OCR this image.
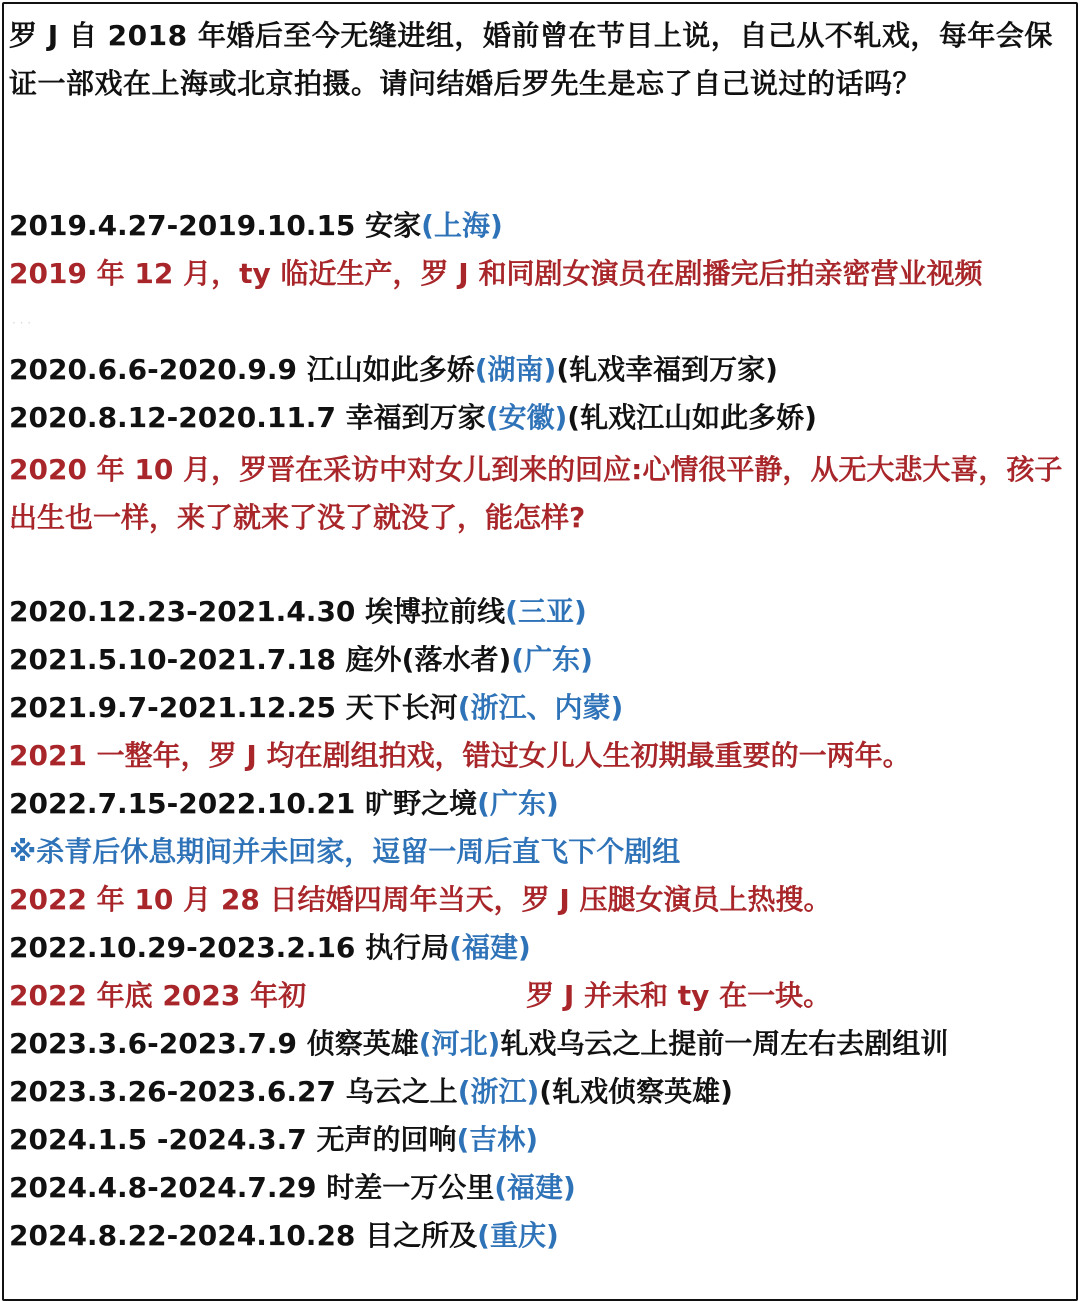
罗 J 自 2018 年婚后至今无缝进组，婚前曾在节目上说，自己从不轧戏，每年会保证一部戏在上海或北京拍摄。请问结婚后罗先生是忘了自己说过的话吗？

2019.4.27-2019.10.15 安家(上海)
2019 年 12 月，ty 临近生产，罗 J 和同剧女演员在剧播完后拍亲密营业视频
· · ·
2020.6.6-2020.9.9 江山如此多娇(湖南)(轧戏幸福到万家)
2020.8.12-2020.11.7 幸福到万家(安徽)(轧戏江山如此多娇)

2020 年 10 月，罗晋在采访中对女儿到来的回应:心情很平静，从无大悲大喜，孩子出生也一样，来了就来了没了就没了，能怎样?

2020.12.23-2021.4.30 埃博拉前线(三亚)
2021.5.10-2021.7.18 庭外(落水者)(广东)
2021.9.7-2021.12.25 天下长河(浙江、内蒙)
2021 一整年，罗 J 均在剧组拍戏，错过女儿人生初期最重要的一两年。
2022.7.15-2022.10.21 旷野之境(广东)
※杀青后休息期间并未回家，逗留一周后直飞下个剧组
2022 年 10 月 28 日结婚四周年当天，罗 J 压腿女演员上热搜。
2022.10.29-2023.2.16 执行局(福建)
2022 年底 2023 年初	罗 J 并未和 ty 在一块。
2023.3.6-2023.7.9 侦察英雄(河北)轧戏乌云之上提前一周左右去剧组训
2023.3.26-2023.6.27 乌云之上(浙江)(轧戏侦察英雄)
2024.1.5 -2024.3.7 无声的回响(吉林)
2024.4.8-2024.7.29 时差一万公里(福建)
2024.8.22-2024.10.28 目之所及(重庆)
